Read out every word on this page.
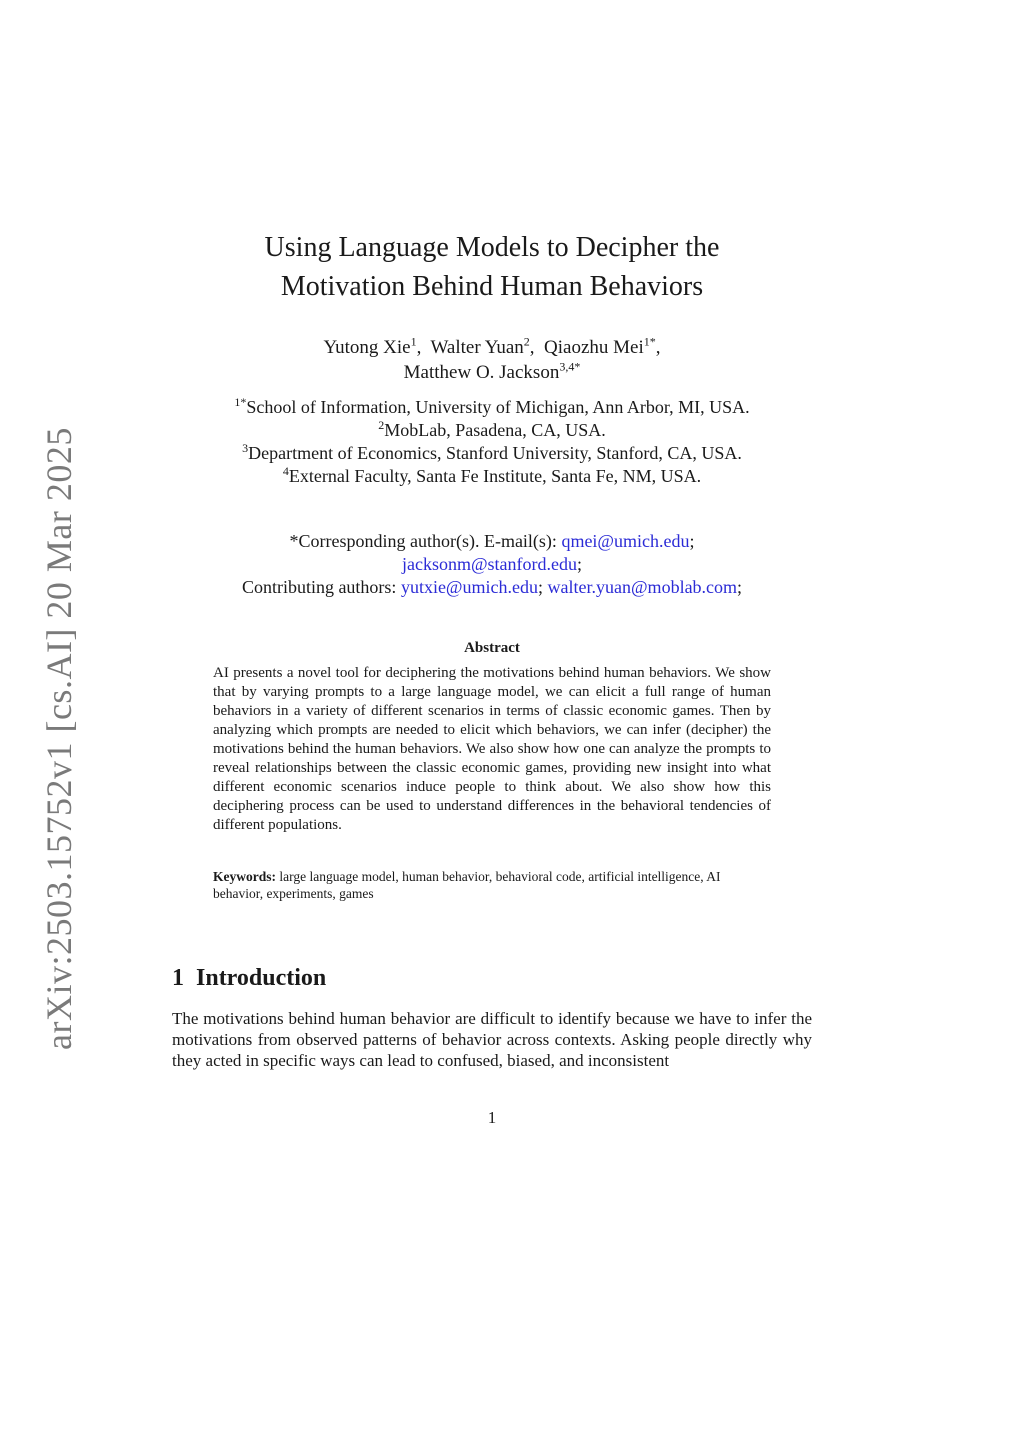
arXiv:2503.15752v1 [cs.AI] 20 Mar 2025
Using Language Models to Decipher the
Motivation Behind Human Behaviors
Yutong Xie$^1$,  Walter Yuan$^2$,  Qiaozhu Mei$^{1*}$,
Matthew O. Jackson$^{3,4*}$
$^{1*}$School of Information, University of Michigan, Ann Arbor, MI, USA.
$^2$MobLab, Pasadena, CA, USA.
$^3$Department of Economics, Stanford University, Stanford, CA, USA.
$^4$External Faculty, Santa Fe Institute, Santa Fe, NM, USA.
*Corresponding author(s). E-mail(s): qmei@umich.edu;
jacksonm@stanford.edu;
Contributing authors: yutxie@umich.edu; walter.yuan@moblab.com;
Abstract
AI presents a novel tool for deciphering the motivations behind human behaviors. We show that by varying prompts to a large language model, we can elicit a full range of human behaviors in a variety of different scenarios in terms of classic economic games. Then by analyzing which prompts are needed to elicit which behaviors, we can infer (decipher) the motivations behind the human behaviors. We also show how one can analyze the prompts to reveal relationships between the classic economic games, providing new insight into what different economic scenarios induce people to think about. We also show how this deciphering process can be used to understand differences in the behavioral tendencies of different populations.
Keywords: large language model, human behavior, behavioral code, artificial intelligence, AI behavior, experiments, games
1 Introduction
The motivations behind human behavior are difficult to identify because we have to infer the motivations from observed patterns of behavior across contexts. Asking people directly why they acted in specific ways can lead to confused, biased, and inconsistent
1
